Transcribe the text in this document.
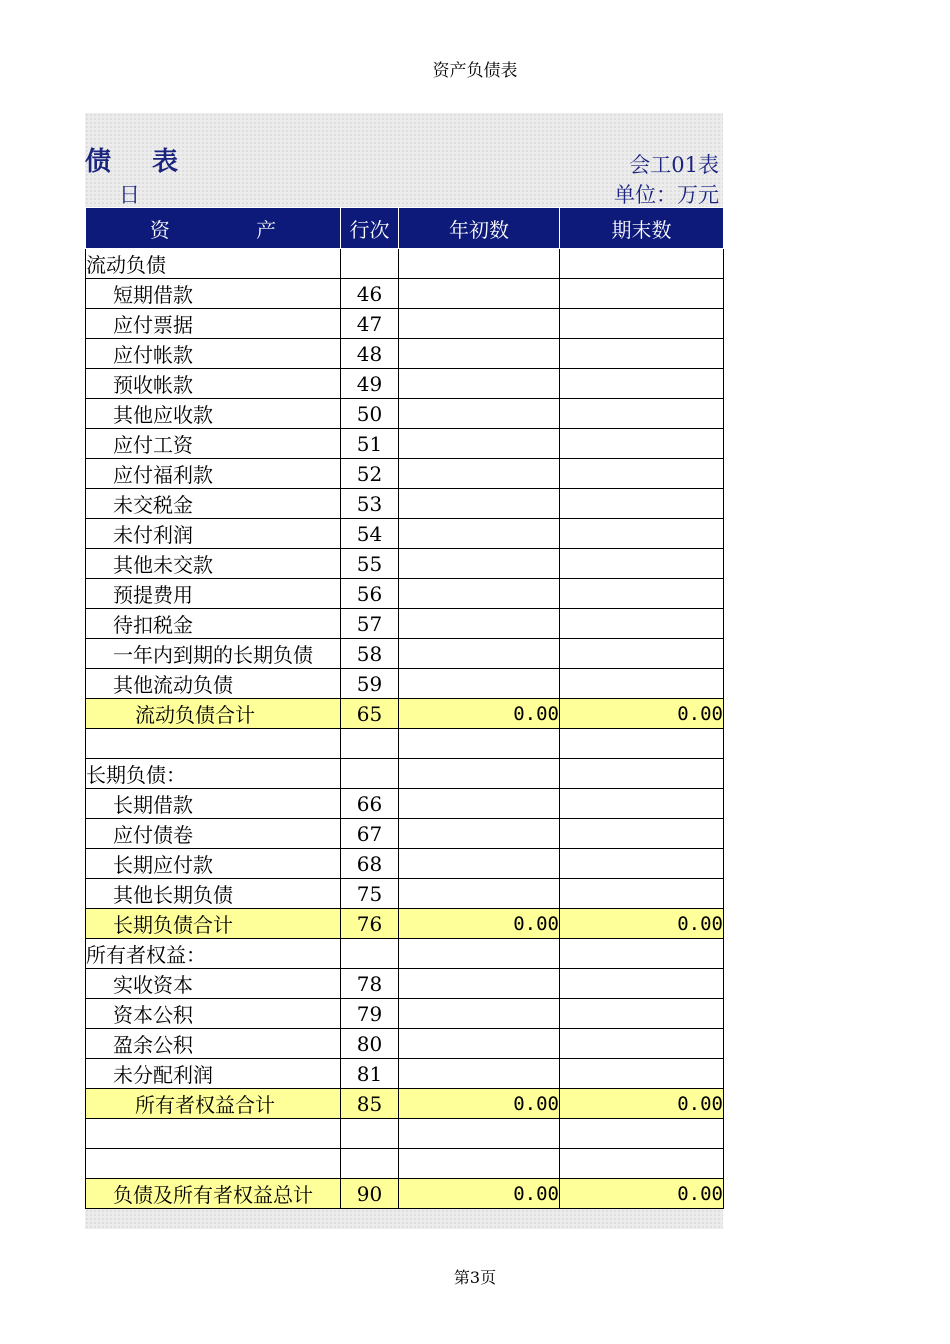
资产负债表
债 表
日
会工01表
单位：万元
资 产	行次	年初数	期末数
流动负债			
短期借款	46		
应付票据	47		
应付帐款	48		
预收帐款	49		
其他应收款	50		
应付工资	51		
应付福利款	52		
未交税金	53		
未付利润	54		
其他未交款	55		
预提费用	56		
待扣税金	57		
一年内到期的长期负债	58		
其他流动负债	59		
流动负债合计	65	0.00	0.00

长期负债：			
长期借款	66		
应付债卷	67		
长期应付款	68		
其他长期负债	75		
长期负债合计	76	0.00	0.00
所有者权益：			
实收资本	78		
资本公积	79		
盈余公积	80		
未分配利润	81		
所有者权益合计	85	0.00	0.00

负债及所有者权益总计	90	0.00	0.00
第3页
